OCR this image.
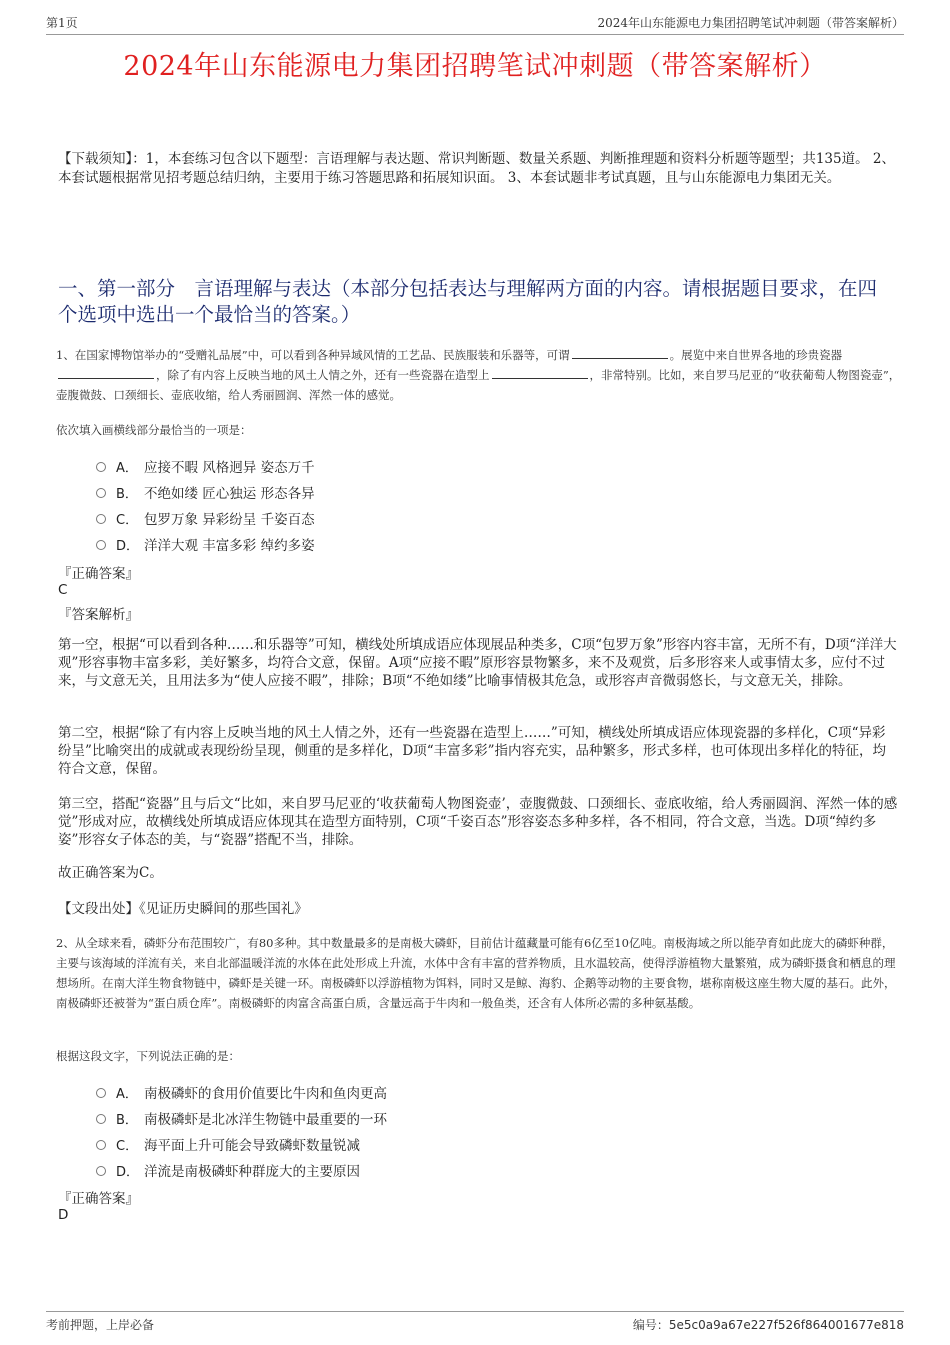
第1页	2024年山东能源电力集团招聘笔试冲刺题（带答案解析）
2024年山东能源电力集团招聘笔试冲刺题（带答案解析）
【下载须知】：1，本套练习包含以下题型：言语理解与表达题、常识判断题、数量关系题、判断推理题和资料分析题等题型；共135道。 2、本套试题根据常见招考题总结归纳，主要用于练习答题思路和拓展知识面。 3、本套试题非考试真题，且与山东能源电力集团无关。
一、第一部分　言语理解与表达（本部分包括表达与理解两方面的内容。请根据题目要求，在四个选项中选出一个最恰当的答案。）
1、在国家博物馆举办的“受赠礼品展”中，可以看到各种异域风情的工艺品、民族服装和乐器等，可谓	。展览中来自世界各地的珍贵瓷器，除了有内容上反映当地的风土人情之外，还有一些瓷器在造型上	，非常特别。比如，来自罗马尼亚的“收获葡萄人物图瓷壶”，壶腹微鼓、口颈细长、壶底收缩，给人秀丽圆润、浑然一体的感觉。
依次填入画横线部分最恰当的一项是：
A． 应接不暇 风格迥异 姿态万千
B． 不绝如缕 匠心独运 形态各异
C． 包罗万象 异彩纷呈 千姿百态
D． 洋洋大观 丰富多彩 绰约多姿
『正确答案』
C
『答案解析』
第一空，根据“可以看到各种……和乐器等”可知，横线处所填成语应体现展品种类多，C项“包罗万象”形容内容丰富，无所不有，D项“洋洋大观”形容事物丰富多彩，美好繁多，均符合文意，保留。A项“应接不暇”原形容景物繁多，来不及观赏，后多形容来人或事情太多，应付不过来，与文意无关，且用法多为“使人应接不暇”，排除；B项“不绝如缕”比喻事情极其危急，或形容声音微弱悠长，与文意无关，排除。
第二空，根据“除了有内容上反映当地的风土人情之外，还有一些瓷器在造型上……”可知，横线处所填成语应体现瓷器的多样化，C项“异彩纷呈”比喻突出的成就或表现纷纷呈现，侧重的是多样化，D项“丰富多彩”指内容充实，品种繁多，形式多样，也可体现出多样化的特征，均符合文意，保留。
第三空，搭配“瓷器”且与后文“比如，来自罗马尼亚的‘收获葡萄人物图瓷壶’，壶腹微鼓、口颈细长、壶底收缩，给人秀丽圆润、浑然一体的感觉”形成对应，故横线处所填成语应体现其在造型方面特别，C项“千姿百态”形容姿态多种多样，各不相同，符合文意，当选。D项“绰约多姿”形容女子体态的美，与“瓷器”搭配不当，排除。
故正确答案为C。
【文段出处】《见证历史瞬间的那些国礼》
2、从全球来看，磷虾分布范围较广，有80多种。其中数量最多的是南极大磷虾，目前估计蕴藏量可能有6亿至10亿吨。南极海域之所以能孕育如此庞大的磷虾种群，主要与该海域的洋流有关，来自北部温暖洋流的水体在此处形成上升流，水体中含有丰富的营养物质，且水温较高，使得浮游植物大量繁殖，成为磷虾摄食和栖息的理想场所。在南大洋生物食物链中，磷虾是关键一环。南极磷虾以浮游植物为饵料，同时又是鲸、海豹、企鹅等动物的主要食物，堪称南极这座生物大厦的基石。此外，南极磷虾还被誉为“蛋白质仓库”。南极磷虾的肉富含高蛋白质，含量远高于牛肉和一般鱼类，还含有人体所必需的多种氨基酸。
根据这段文字，下列说法正确的是：
A． 南极磷虾的食用价值要比牛肉和鱼肉更高
B． 南极磷虾是北冰洋生物链中最重要的一环
C． 海平面上升可能会导致磷虾数量锐减
D． 洋流是南极磷虾种群庞大的主要原因
『正确答案』
D
考前押题，上岸必备	编号：5e5c0a9a67e227f526f864001677e818
